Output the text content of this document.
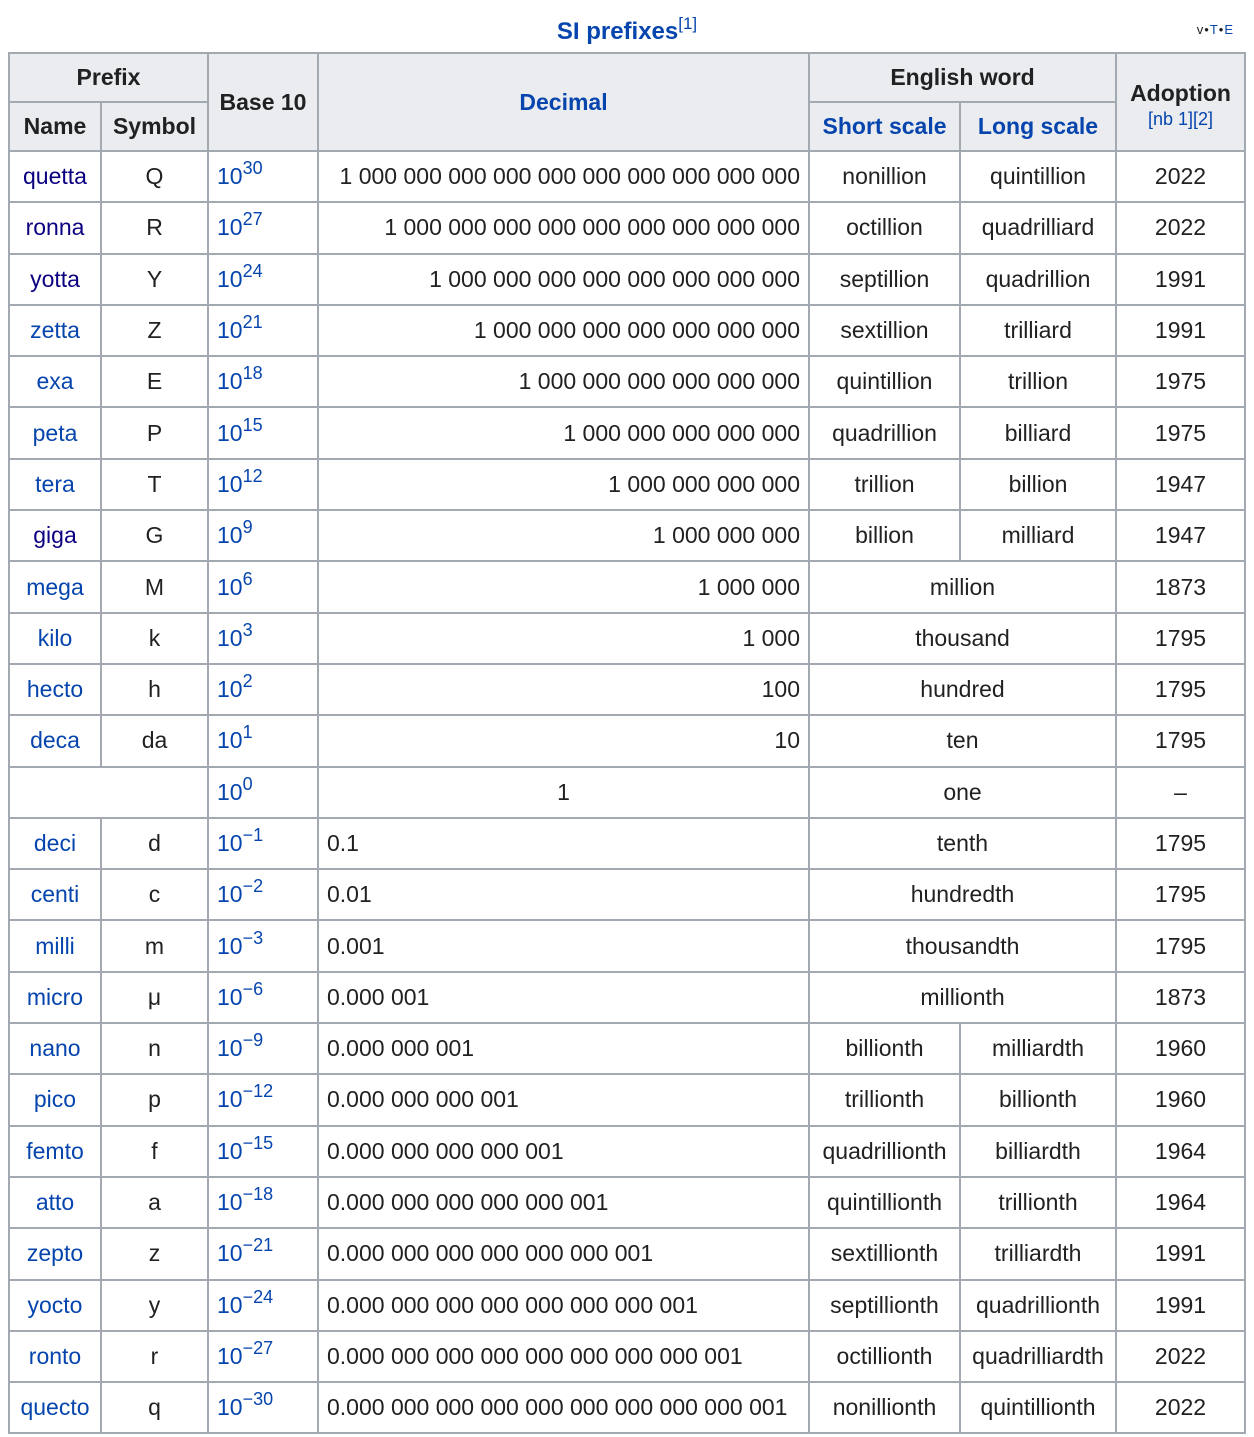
SI prefixes[1]	v•T•E
Prefix		Base 10	Decimal	English word		Adoption
[nb 1][2]

Name	Symbol			Short scale	Long scale	
quetta	Q	$10^{30}$	1 000 000 000 000 000 000 000 000 000 000	nonillion	quintillion	2022
ronna	R	$10^{27}$	1 000 000 000 000 000 000 000 000 000	octillion	quadrilliard	2022
yotta	Y	$10^{24}$	1 000 000 000 000 000 000 000 000	septillion	quadrillion	1991
zetta	Z	$10^{21}$	1 000 000 000 000 000 000 000	sextillion	trilliard	1991
exa	E	$10^{18}$	1 000 000 000 000 000 000	quintillion	trillion	1975
peta	P	$10^{15}$	1 000 000 000 000 000	quadrillion	billiard	1975
tera	T	$10^{12}$	1 000 000 000 000	trillion	billion	1947
giga	G	$10^9$	1 000 000 000	billion	milliard	1947
mega	M	$10^6$	1 000 000	million		1873
kilo	k	$10^3$	1 000	thousand		1795
hecto	h	$10^2$	100	hundred		1795
deca	da	$10^1$	10	ten		1795
		$10^0$	1	one		–
deci	d	$10^{-1}$	0.1	tenth		1795
centi	c	$10^{-2}$	0.01	hundredth		1795
milli	m	$10^{-3}$	0.001	thousandth		1795
micro	μ	$10^{-6}$	0.000 001	millionth		1873
nano	n	$10^{-9}$	0.000 000 001	billionth	milliardth	1960
pico	p	$10^{-12}$	0.000 000 000 001	trillionth	billionth	1960
femto	f	$10^{-15}$	0.000 000 000 000 001	quadrillionth	billiardth	1964
atto	a	$10^{-18}$	0.000 000 000 000 000 001	quintillionth	trillionth	1964
zepto	z	$10^{-21}$	0.000 000 000 000 000 000 001	sextillionth	trilliardth	1991
yocto	y	$10^{-24}$	0.000 000 000 000 000 000 000 001	septillionth	quadrillionth	1991
ronto	r	$10^{-27}$	0.000 000 000 000 000 000 000 000 001	octillionth	quadrilliardth	2022
quecto	q	$10^{-30}$	0.000 000 000 000 000 000 000 000 000 001	nonillionth	quintillionth	2022
